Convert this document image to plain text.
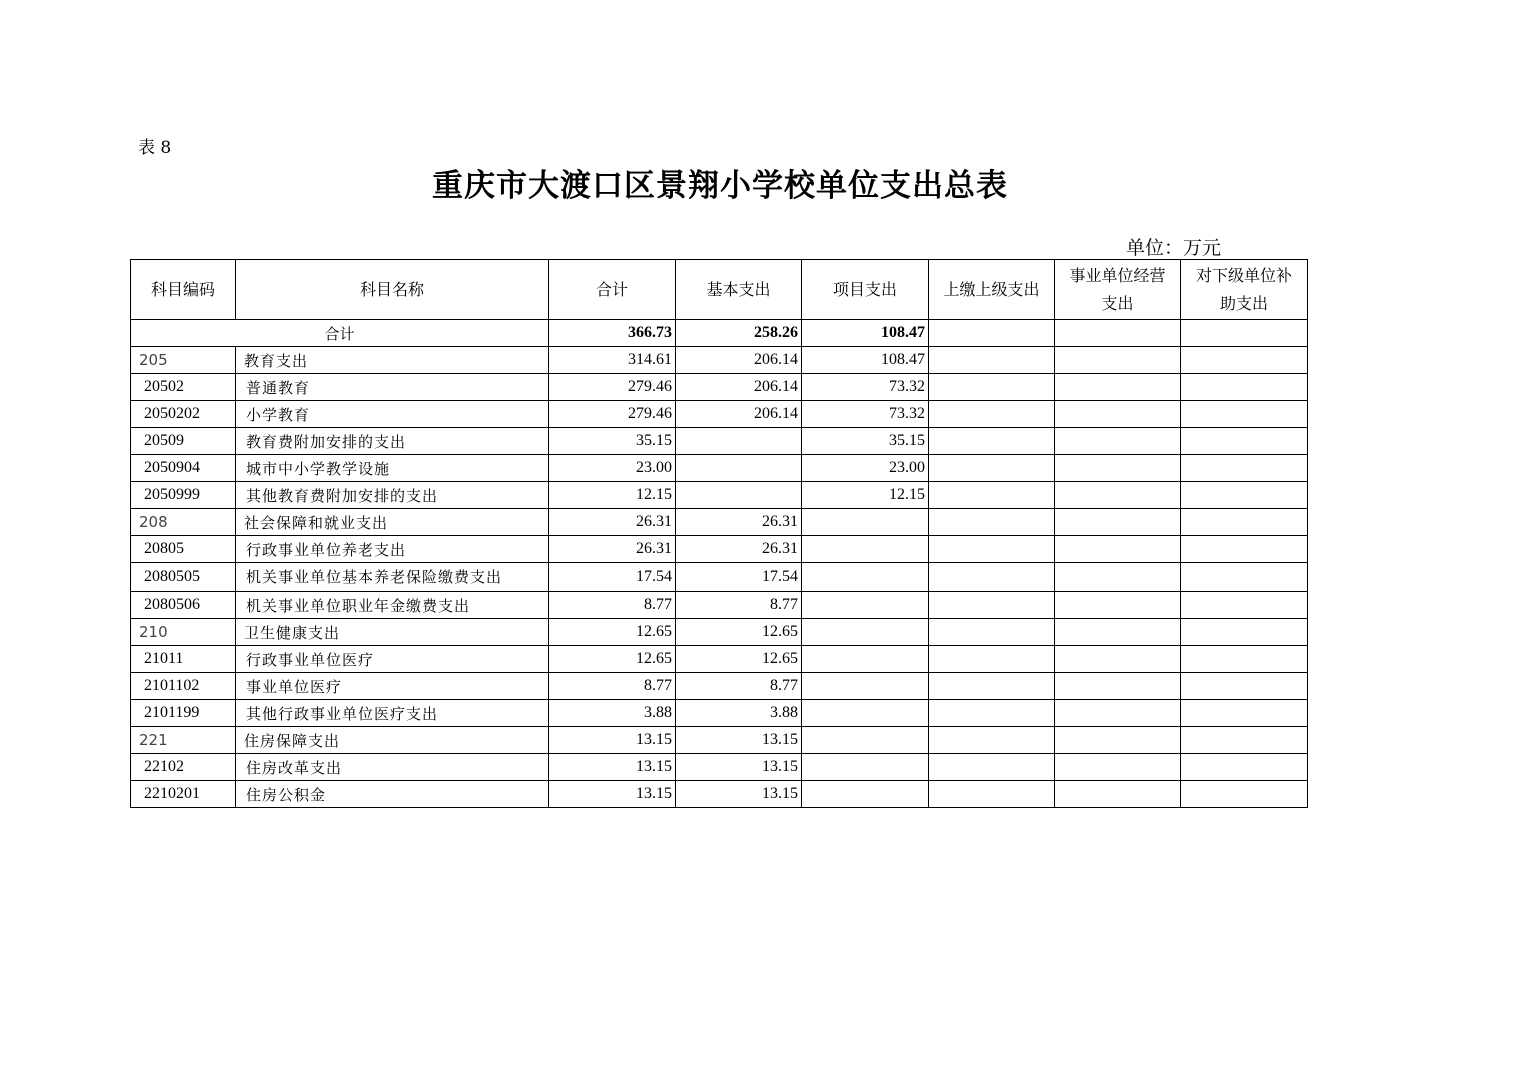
表 8
重庆市大渡口区景翔小学校单位支出总表
单位：万元
科目编码	科目名称	合计	基本支出	项目支出	上缴上级支出	事业单位经营支出	对下级单位补助支出
合计		366.73	258.26	108.47			
205	教育支出	314.61	206.14	108.47			
20502	普通教育	279.46	206.14	73.32			
2050202	小学教育	279.46	206.14	73.32			
20509	教育费附加安排的支出	35.15		35.15			
2050904	城市中小学教学设施	23.00		23.00			
2050999	其他教育费附加安排的支出	12.15		12.15			
208	社会保障和就业支出	26.31	26.31				
20805	行政事业单位养老支出	26.31	26.31				
2080505	机关事业单位基本养老保险缴费支出	17.54	17.54				
2080506	机关事业单位职业年金缴费支出	8.77	8.77				
210	卫生健康支出	12.65	12.65				
21011	行政事业单位医疗	12.65	12.65				
2101102	事业单位医疗	8.77	8.77				
2101199	其他行政事业单位医疗支出	3.88	3.88				
221	住房保障支出	13.15	13.15				
22102	住房改革支出	13.15	13.15				
2210201	住房公积金	13.15	13.15				
